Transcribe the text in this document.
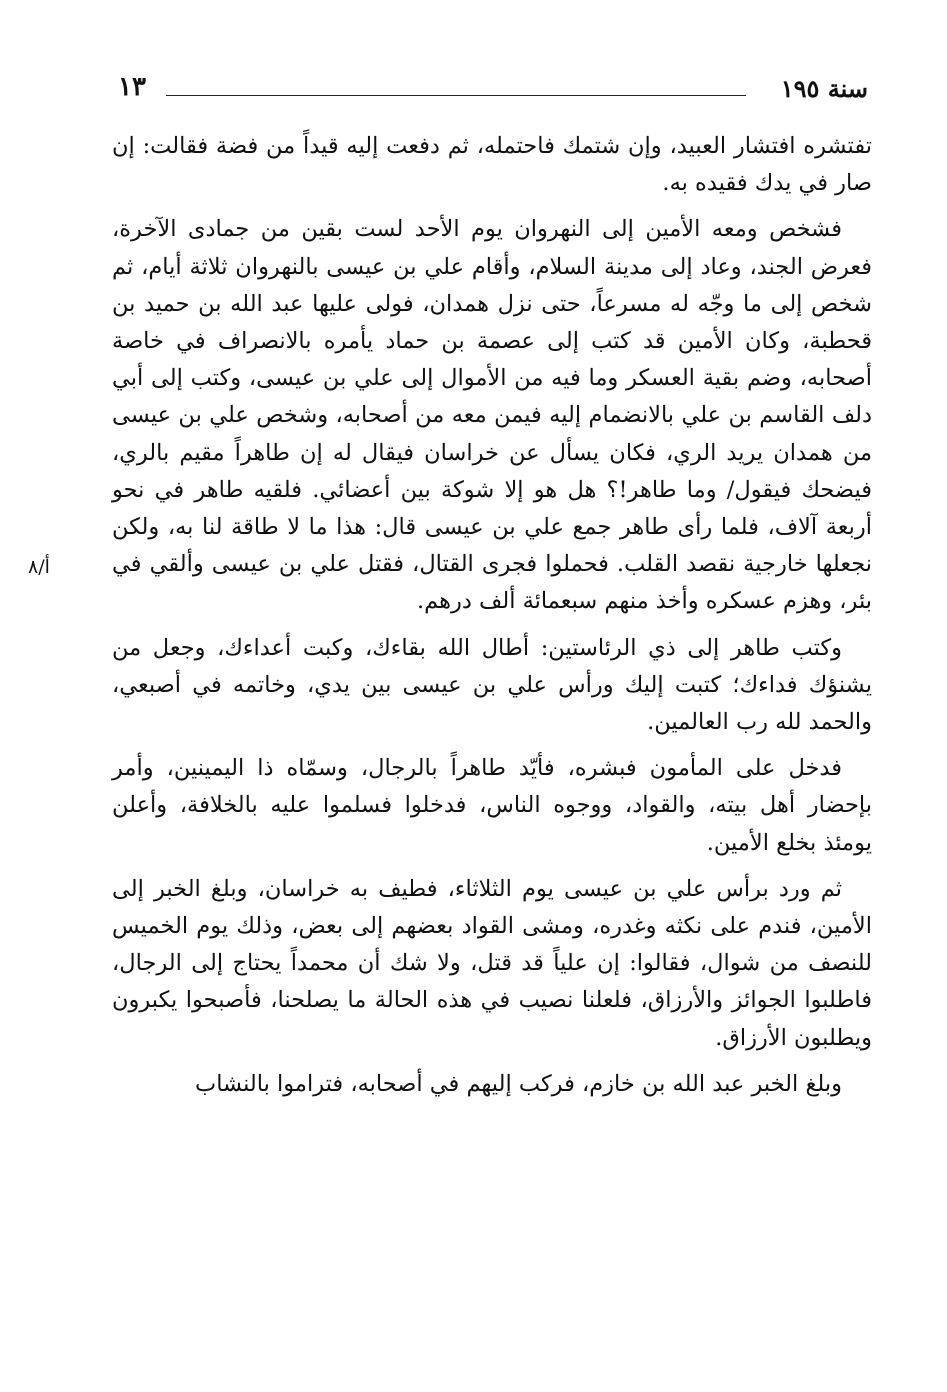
سنة ١٩٥
١٣
أ/٨

تفتشره افتشار العبيد، وإن شتمك فاحتمله، ثم دفعت إليه قيداً من فضة فقالت: إن صار في يدك فقيده به.

فشخص ومعه الأمين إلى النهروان يوم الأحد لست بقين من جمادى الآخرة، فعرض الجند، وعاد إلى مدينة السلام، وأقام علي بن عيسى بالنهروان ثلاثة أيام، ثم شخص إلى ما وجّه له مسرعاً، حتى نزل همدان، فولى عليها عبد الله بن حميد بن قحطبة، وكان الأمين قد كتب إلى عصمة بن حماد يأمره بالانصراف في خاصة أصحابه، وضم بقية العسكر وما فيه من الأموال إلى علي بن عيسى، وكتب إلى أبي دلف القاسم بن علي بالانضمام إليه فيمن معه من أصحابه، وشخص علي بن عيسى من همدان يريد الري، فكان يسأل عن خراسان فيقال له إن طاهراً مقيم بالري، فيضحك فيقول/ وما طاهر!؟ هل هو إلا شوكة بين أعضائي. فلقيه طاهر في نحو أربعة آلاف، فلما رأى طاهر جمع علي بن عيسى قال: هذا ما لا طاقة لنا به، ولكن نجعلها خارجية نقصد القلب. فحملوا فجرى القتال، فقتل علي بن عيسى وألقي في بئر، وهزم عسكره وأخذ منهم سبعمائة ألف درهم.

وكتب طاهر إلى ذي الرئاستين: أطال الله بقاءك، وكبت أعداءك، وجعل من يشنؤك فداءك؛ كتبت إليك ورأس علي بن عيسى بين يدي، وخاتمه في أصبعي، والحمد لله رب العالمين.

فدخل على المأمون فبشره، فأيّد طاهراً بالرجال، وسمّاه ذا اليمينين، وأمر بإحضار أهل بيته، والقواد، ووجوه الناس، فدخلوا فسلموا عليه بالخلافة، وأعلن يومئذ بخلع الأمين.

ثم ورد برأس علي بن عيسى يوم الثلاثاء، فطيف به خراسان، وبلغ الخبر إلى الأمين، فندم على نكثه وغدره، ومشى القواد بعضهم إلى بعض، وذلك يوم الخميس للنصف من شوال، فقالوا: إن علياً قد قتل، ولا شك أن محمداً يحتاج إلى الرجال، فاطلبوا الجوائز والأرزاق، فلعلنا نصيب في هذه الحالة ما يصلحنا، فأصبحوا يكبرون ويطلبون الأرزاق.

وبلغ الخبر عبد الله بن خازم، فركب إليهم في أصحابه، فتراموا بالنشاب
